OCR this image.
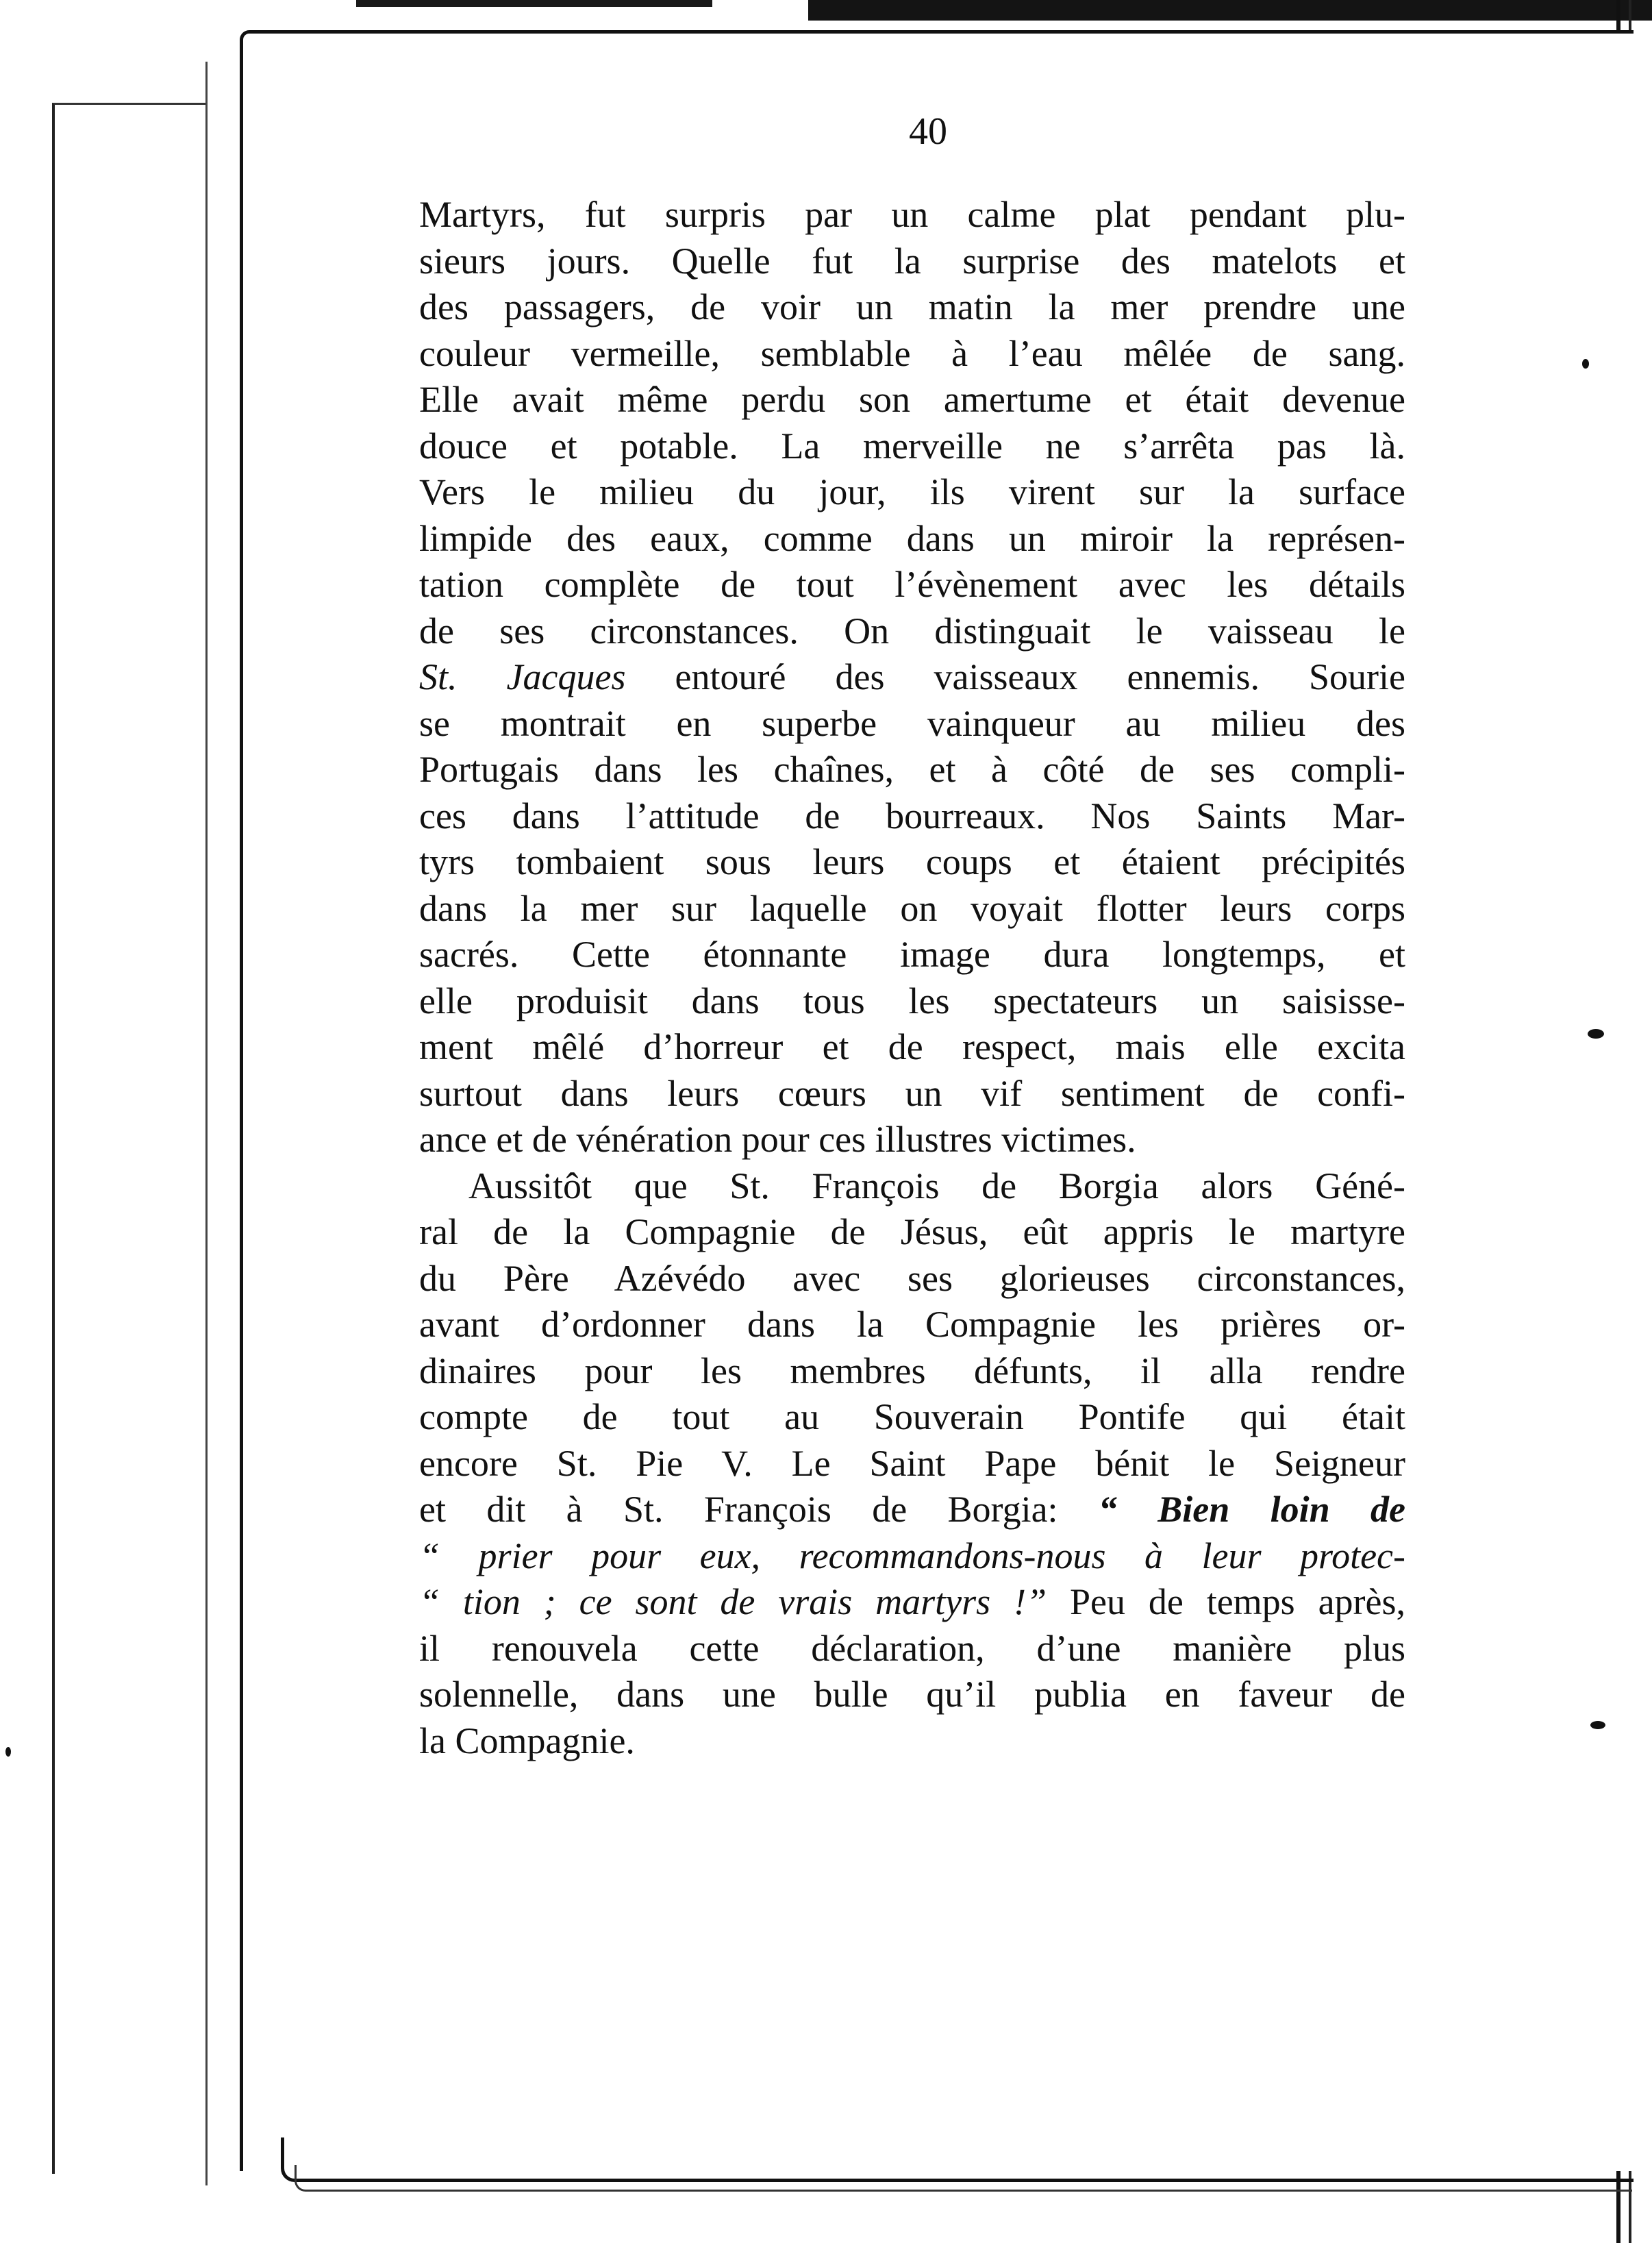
40
Martyrs, fut surpris par un calme plat pendant plu-
sieurs jours. Quelle fut la surprise des matelots et
des passagers, de voir un matin la mer prendre une
couleur vermeille, semblable à l’eau mêlée de sang.
Elle avait même perdu son amertume et était devenue
douce et potable. La merveille ne s’arrêta pas là.
Vers le milieu du jour, ils virent sur la surface
limpide des eaux, comme dans un miroir la représen-
tation complète de tout l’évènement avec les détails
de ses circonstances. On distinguait le vaisseau le
St. Jacques entouré des vaisseaux ennemis. Sourie
se montrait en superbe vainqueur au milieu des
Portugais dans les chaînes, et à côté de ses compli-
ces dans l’attitude de bourreaux. Nos Saints Mar-
tyrs tombaient sous leurs coups et étaient précipités
dans la mer sur laquelle on voyait flotter leurs corps
sacrés. Cette étonnante image dura longtemps, et
elle produisit dans tous les spectateurs un saisisse-
ment mêlé d’horreur et de respect, mais elle excita
surtout dans leurs cœurs un vif sentiment de confi-
ance et de vénération pour ces illustres victimes.
Aussitôt que St. François de Borgia alors Géné-
ral de la Compagnie de Jésus, eût appris le martyre
du Père Azévédo avec ses glorieuses circonstances,
avant d’ordonner dans la Compagnie les prières or-
dinaires pour les membres défunts, il alla rendre
compte de tout au Souverain Pontife qui était
encore St. Pie V. Le Saint Pape bénit le Seigneur
et dit à St. François de Borgia: “ Bien loin de
“ prier pour eux, recommandons-nous à leur protec-
“ tion ; ce sont de vrais martyrs !” Peu de temps après,
il renouvela cette déclaration, d’une manière plus
solennelle, dans une bulle qu’il publia en faveur de
la Compagnie.
